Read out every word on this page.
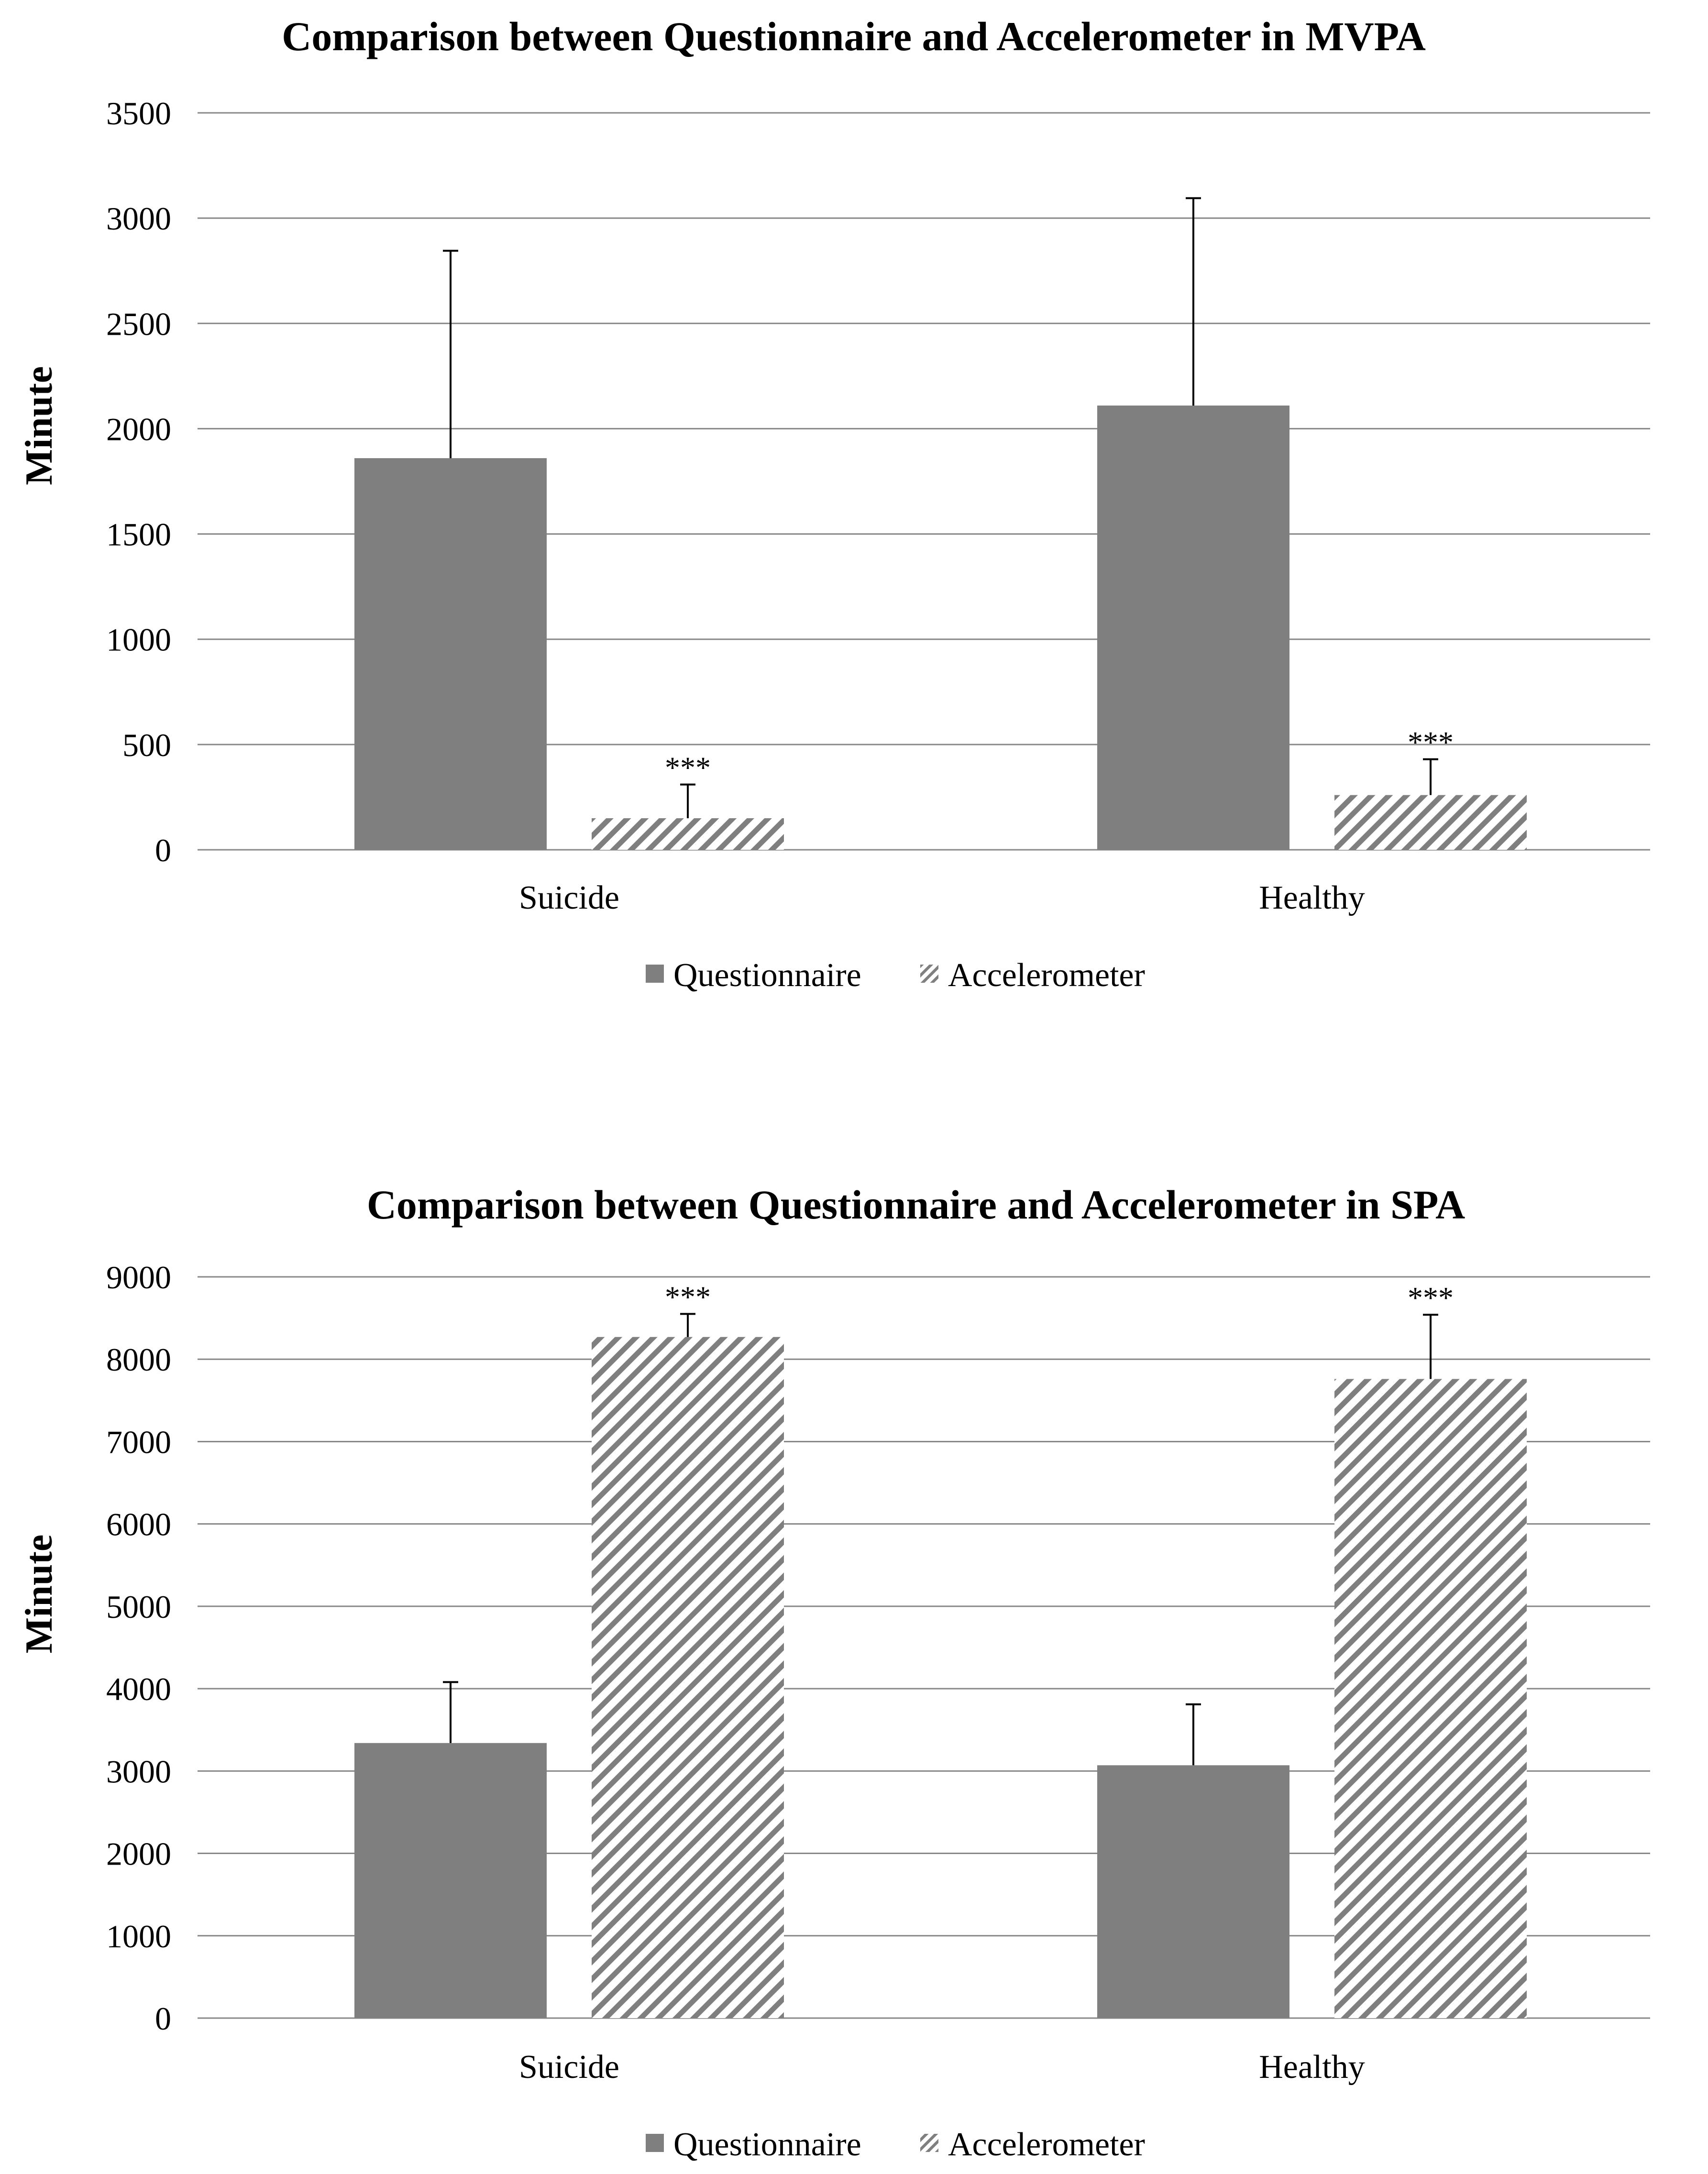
Comparison between Questionnaire and Accelerometer in MVPA
Minute
0
500
1000
1500
2000
2500
3000
3500
***
***
Suicide	Healthy
Questionnaire	Accelerometer
Comparison between Questionnaire and Accelerometer in SPA
Minute
0
1000
2000
3000
4000
5000
6000
7000
8000
9000
***	***
Suicide	Healthy
Questionnaire	Accelerometer
